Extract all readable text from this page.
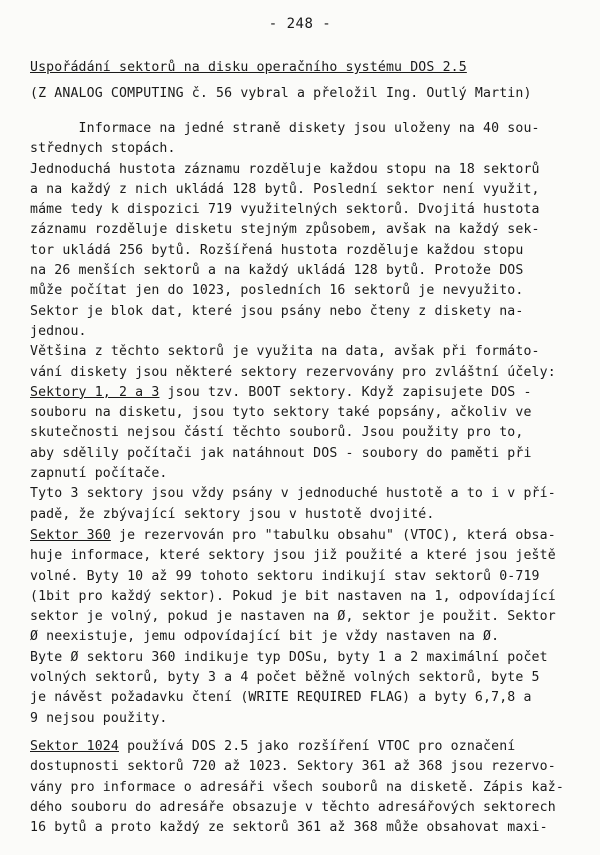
- 248 -
Uspořádání sektorů na disku operačního systému DOS 2.5
(Z ANALOG COMPUTING č. 56 vybral a přeložil Ing. Outlý Martin)
Informace na jedné straně diskety jsou uloženy na 40 sou-
střednych stopách.
Jednoduchá hustota záznamu rozděluje každou stopu na 18 sektorů
a na každý z nich ukládá 128 bytů. Poslední sektor není využit,
máme tedy k dispozici 719 využitelných sektorů. Dvojitá hustota
záznamu rozděluje disketu stejným způsobem, avšak na každý sek-
tor ukládá 256 bytů. Rozšířená hustota rozděluje každou stopu
na 26 menších sektorů a na každý ukládá 128 bytů. Protože DOS
může počítat jen do 1023, posledních 16 sektorů je nevyužito.
Sektor je blok dat, které jsou psány nebo čteny z diskety na-
jednou.
Většina z těchto sektorů je využita na data, avšak při formáto-
vání diskety jsou některé sektory rezervovány pro zvláštní účely:
Sektory 1, 2 a 3 jsou tzv. BOOT sektory. Když zapisujete DOS -
souboru na disketu, jsou tyto sektory také popsány, ačkoliv ve
skutečnosti nejsou částí těchto souborů. Jsou použity pro to,
aby sdělily počítači jak natáhnout DOS - soubory do paměti při
zapnutí počítače.
Tyto 3 sektory jsou vždy psány v jednoduché hustotě a to i v pří-
padě, že zbývající sektory jsou v hustotě dvojité.
Sektor 360 je rezervován pro "tabulku obsahu" (VTOC), která obsa-
huje informace, které sektory jsou již použité a které jsou ještě
volné. Byty 10 až 99 tohoto sektoru indikují stav sektorů 0-719
(1bit pro každý sektor). Pokud je bit nastaven na 1, odpovídající
sektor je volný, pokud je nastaven na Ø, sektor je použit. Sektor
Ø neexistuje, jemu odpovídající bit je vždy nastaven na Ø.
Byte Ø sektoru 360 indikuje typ DOSu, byty 1 a 2 maximální počet
volných sektorů, byty 3 a 4 počet běžně volných sektorů, byte 5
je návěst požadavku čtení (WRITE REQUIRED FLAG) a byty 6,7,8 a
9 nejsou použity.
Sektor 1024 používá DOS 2.5 jako rozšíření VTOC pro označení
dostupnosti sektorů 720 až 1023. Sektory 361 až 368 jsou rezervo-
vány pro informace o adresáři všech souborů na disketě. Zápis kaž-
dého souboru do adresáře obsazuje v těchto adresářových sektorech
16 bytů a proto každý ze sektorů 361 až 368 může obsahovat maxi-
